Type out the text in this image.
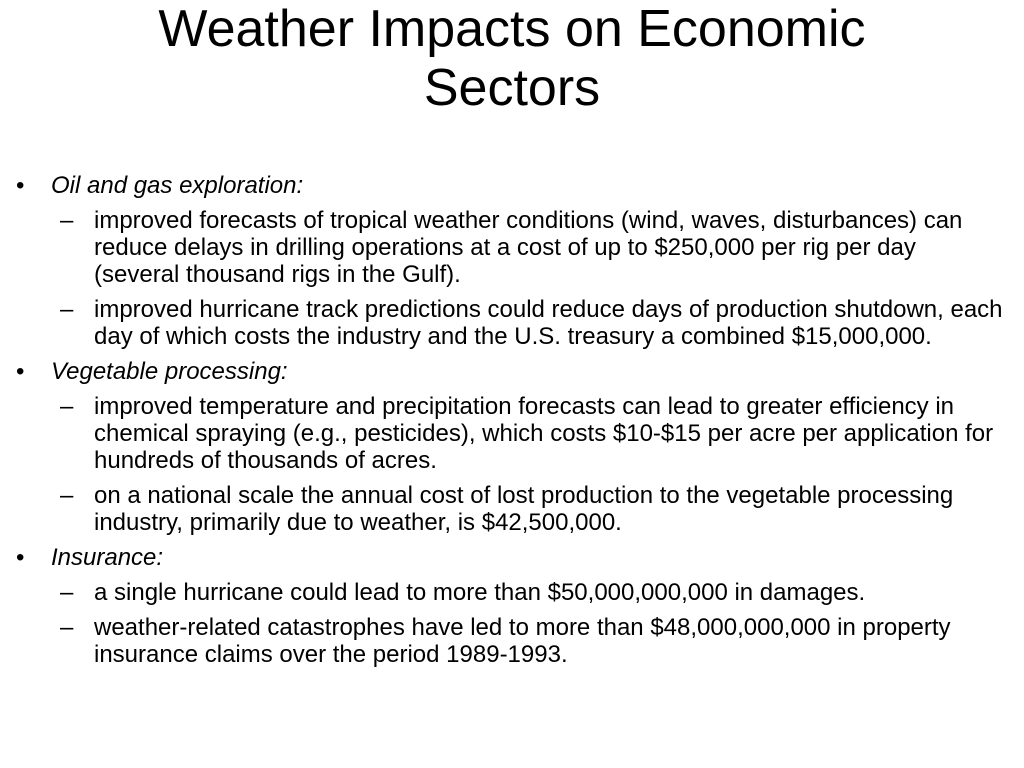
Weather Impacts on Economic
Sectors
• Oil and gas exploration:
– improved forecasts of tropical weather conditions (wind, waves, disturbances) can reduce delays in drilling operations at a cost of up to $250,000 per rig per day (several thousand rigs in the Gulf).
– improved hurricane track predictions could reduce days of production shutdown, each day of which costs the industry and the U.S. treasury a combined $15,000,000.
• Vegetable processing:
– improved temperature and precipitation forecasts can lead to greater efficiency in chemical spraying (e.g., pesticides), which costs $10-$15 per acre per application for hundreds of thousands of acres.
– on a national scale the annual cost of lost production to the vegetable processing industry, primarily due to weather, is $42,500,000.
• Insurance:
– a single hurricane could lead to more than $50,000,000,000 in damages.
– weather-related catastrophes have led to more than $48,000,000,000 in property insurance claims over the period 1989-1993.
